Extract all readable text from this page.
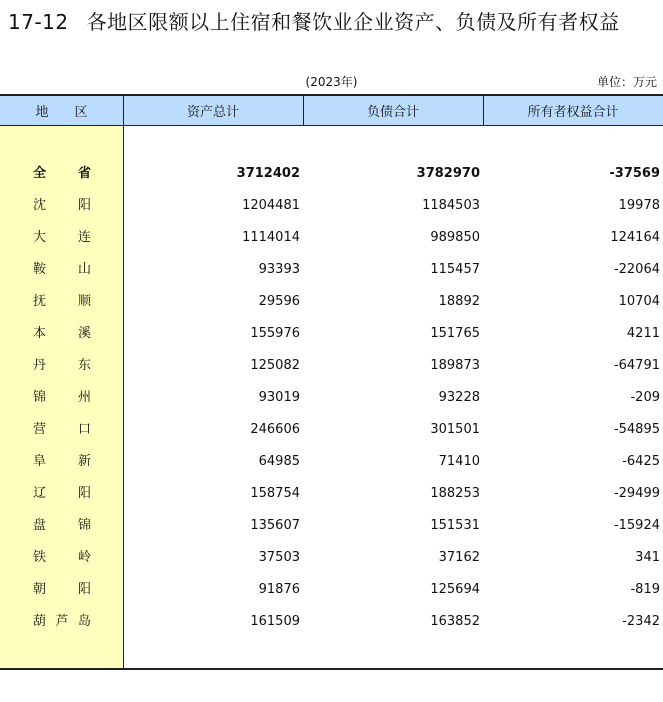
17-12 各地区限额以上住宿和餐饮业企业资产、负债及所有者权益
(2023年)	单位：万元
地　　区	资产总计	负债合计	所有者权益合计
全 省	3712402	3782970	-37569
沈 阳	1204481	1184503	19978
大 连	1114014	989850	124164
鞍 山	93393	115457	-22064
抚 顺	29596	18892	10704
本 溪	155976	151765	4211
丹 东	125082	189873	-64791
锦 州	93019	93228	-209
营 口	246606	301501	-54895
阜 新	64985	71410	-6425
辽 阳	158754	188253	-29499
盘 锦	135607	151531	-15924
铁 岭	37503	37162	341
朝 阳	91876	125694	-819
葫 芦 岛	161509	163852	-2342
